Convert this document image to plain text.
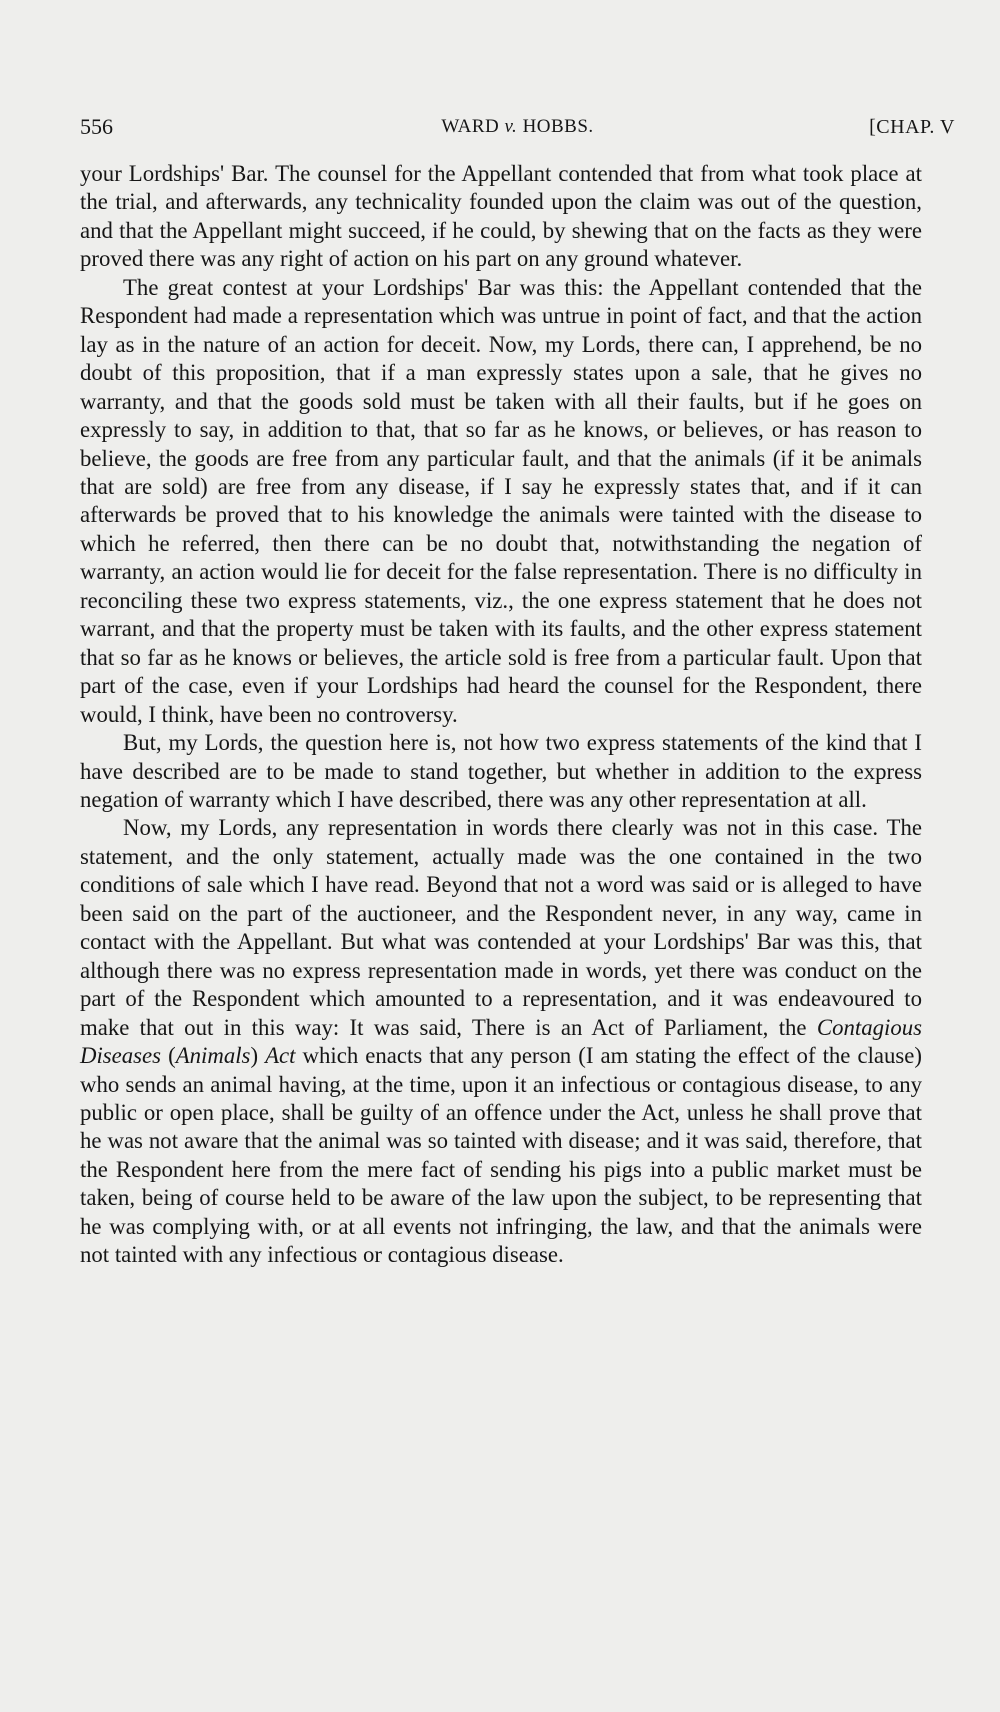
556	WARD v. HOBBS.	[CHAP. V

your Lordships' Bar. The counsel for the Appellant contended that from what took place at the trial, and afterwards, any technicality founded upon the claim was out of the question, and that the Appellant might succeed, if he could, by shewing that on the facts as they were proved there was any right of action on his part on any ground whatever.

The great contest at your Lordships' Bar was this: the Appellant contended that the Respondent had made a representation which was untrue in point of fact, and that the action lay as in the nature of an action for deceit. Now, my Lords, there can, I apprehend, be no doubt of this proposition, that if a man expressly states upon a sale, that he gives no warranty, and that the goods sold must be taken with all their faults, but if he goes on expressly to say, in addition to that, that so far as he knows, or believes, or has reason to believe, the goods are free from any particular fault, and that the animals (if it be animals that are sold) are free from any disease, if I say he expressly states that, and if it can afterwards be proved that to his knowledge the animals were tainted with the disease to which he referred, then there can be no doubt that, notwithstanding the negation of warranty, an action would lie for deceit for the false representation. There is no difficulty in reconciling these two express statements, viz., the one express statement that he does not warrant, and that the property must be taken with its faults, and the other express statement that so far as he knows or believes, the article sold is free from a particular fault. Upon that part of the case, even if your Lordships had heard the counsel for the Respondent, there would, I think, have been no controversy.

But, my Lords, the question here is, not how two express statements of the kind that I have described are to be made to stand together, but whether in addition to the express negation of warranty which I have described, there was any other representation at all.

Now, my Lords, any representation in words there clearly was not in this case. The statement, and the only statement, actually made was the one contained in the two conditions of sale which I have read. Beyond that not a word was said or is alleged to have been said on the part of the auctioneer, and the Respondent never, in any way, came in contact with the Appellant. But what was contended at your Lordships' Bar was this, that although there was no express representation made in words, yet there was conduct on the part of the Respondent which amounted to a representation, and it was endeavoured to make that out in this way: It was said, There is an Act of Parliament, the Contagious Diseases (Animals) Act which enacts that any person (I am stating the effect of the clause) who sends an animal having, at the time, upon it an infectious or contagious disease, to any public or open place, shall be guilty of an offence under the Act, unless he shall prove that he was not aware that the animal was so tainted with disease; and it was said, therefore, that the Respondent here from the mere fact of sending his pigs into a public market must be taken, being of course held to be aware of the law upon the subject, to be representing that he was complying with, or at all events not infringing, the law, and that the animals were not tainted with any infectious or contagious disease.
